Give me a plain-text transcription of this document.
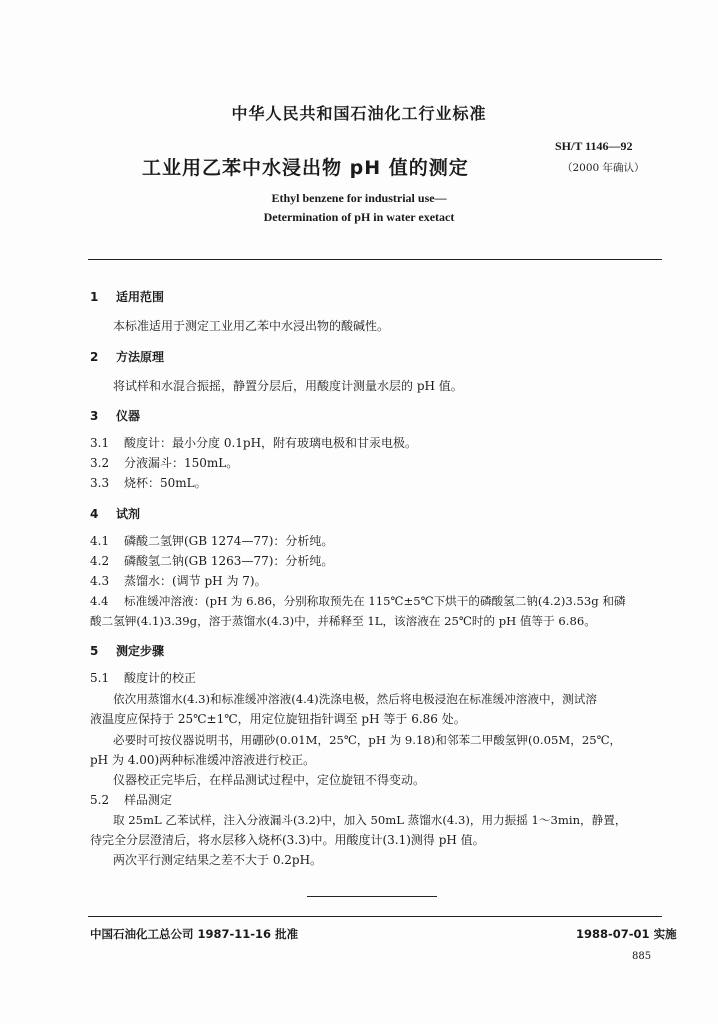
中华人民共和国石油化工行业标准
SH/T 1146—92
（2000 年确认）
工业用乙苯中水浸出物 pH 值的测定
Ethyl benzene for industrial use—
Determination of pH in water exetact
1 适用范围
本标准适用于测定工业用乙苯中水浸出物的酸碱性。
2 方法原理
将试样和水混合振摇，静置分层后，用酸度计测量水层的 pH 值。
3 仪器
3.1 酸度计：最小分度 0.1pH，附有玻璃电极和甘汞电极。
3.2 分液漏斗：150mL。
3.3 烧杯：50mL。
4 试剂
4.1 磷酸二氢钾(GB 1274—77)：分析纯。
4.2 磷酸氢二钠(GB 1263—77)：分析纯。
4.3 蒸馏水：(调节 pH 为 7)。
4.4 标准缓冲溶液：(pH 为 6.86，分别称取预先在 115℃±5℃下烘干的磷酸氢二钠(4.2)3.53g 和磷
酸二氢钾(4.1)3.39g，溶于蒸馏水(4.3)中，并稀释至 1L，该溶液在 25℃时的 pH 值等于 6.86。
5 测定步骤
5.1 酸度计的校正
依次用蒸馏水(4.3)和标准缓冲溶液(4.4)洗涤电极，然后将电极浸泡在标准缓冲溶液中，测试溶
液温度应保持于 25℃±1℃，用定位旋钮指针调至 pH 等于 6.86 处。
必要时可按仪器说明书，用硼砂(0.01M，25℃，pH 为 9.18)和邻苯二甲酸氢钾(0.05M，25℃，
pH 为 4.00)两种标准缓冲溶液进行校正。
仪器校正完毕后，在样品测试过程中，定位旋钮不得变动。
5.2 样品测定
取 25mL 乙苯试样，注入分液漏斗(3.2)中，加入 50mL 蒸馏水(4.3)，用力振摇 1～3min，静置，
待完全分层澄清后，将水层移入烧杯(3.3)中。用酸度计(3.1)测得 pH 值。
两次平行测定结果之差不大于 0.2pH。
中国石油化工总公司 1987-11-16 批准	1988-07-01 实施
885
